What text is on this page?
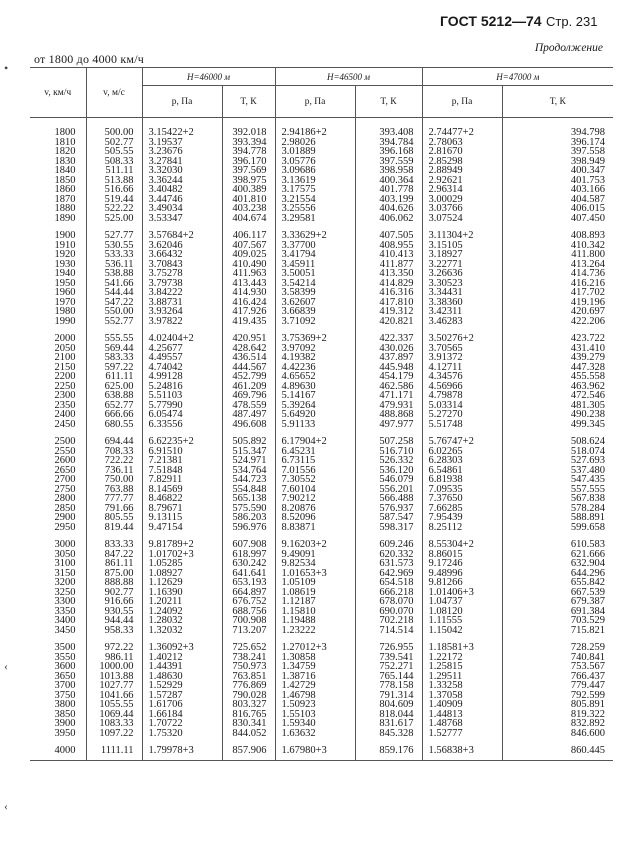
•
‹
‹
ГОСТ 5212—74 Стр. 231
Продолжение
от 1800 до 4000 км/ч
v, км/ч	v, м/с	H=46000 м		H=46500 м		H=47000 м	
		р, Па	T, К	р, Па	T, К	р, Па	T, К

1800	500.00	3.15422+2	392.018	2.94186+2	393.408	2.74477+2	394.798
1810	502.77	3.19537	393.394	2.98026	394.784	2.78063	396.174
1820	505.55	3.23676	394.778	3.01889	396.168	2.81670	397.558
1830	508.33	3.27841	396.170	3.05776	397.559	2.85298	398.949
1840	511.11	3.32030	397.569	3.09686	398.958	2.88949	400.347
1850	513.88	3.36244	398.975	3.13619	400.364	2.92621	401.753
1860	516.66	3.40482	400.389	3.17575	401.778	2.96314	403.166
1870	519.44	3.44746	401.810	3.21554	403.199	3.00029	404.587
1880	522.22	3.49034	403.238	3.25556	404.626	3.03766	406.015
1890	525.00	3.53347	404.674	3.29581	406.062	3.07524	407.450

1900	527.77	3.57684+2	406.117	3.33629+2	407.505	3.11304+2	408.893
1910	530.55	3.62046	407.567	3.37700	408.955	3.15105	410.342
1920	533.33	3.66432	409.025	3.41794	410.413	3.18927	411.800
1930	536.11	3.70843	410.490	3.45911	411.877	3.22771	413.264
1940	538.88	3.75278	411.963	3.50051	413.350	3.26636	414.736
1950	541.66	3.79738	413.443	3.54214	414.829	3.30523	416.216
1960	544.44	3.84222	414.930	3.58399	416.316	3.34431	417.702
1970	547.22	3.88731	416.424	3.62607	417.810	3.38360	419.196
1980	550.00	3.93264	417.926	3.66839	419.312	3.42311	420.697
1990	552.77	3.97822	419.435	3.71092	420.821	3.46283	422.206

2000	555.55	4.02404+2	420.951	3.75369+2	422.337	3.50276+2	423.722
2050	569.44	4.25677	428.642	3.97092	430.026	3.70565	431.410
2100	583.33	4.49557	436.514	4.19382	437.897	3.91372	439.279
2150	597.22	4.74042	444.567	4.42236	445.948	4.12711	447.328
2200	611.11	4.99128	452.799	4.65652	454.179	4.34576	455.558
2250	625.00	5.24816	461.209	4.89630	462.586	4.56966	463.962
2300	638.88	5.51103	469.796	5.14167	471.171	4.79878	472.546
2350	652.77	5.77990	478.559	5.39264	479.931	5.03314	481.305
2400	666.66	6.05474	487.497	5.64920	488.868	5.27270	490.238
2450	680.55	6.33556	496.608	5.91133	497.977	5.51748	499.345

2500	694.44	6.62235+2	505.892	6.17904+2	507.258	5.76747+2	508.624
2550	708.33	6.91510	515.347	6.45231	516.710	6.02265	518.074
2600	722.22	7.21381	524.971	6.73115	526.332	6.28303	527.693
2650	736.11	7.51848	534.764	7.01556	536.120	6.54861	537.480
2700	750.00	7.82911	544.723	7.30552	546.079	6.81938	547.435
2750	763.88	8.14569	554.848	7.60104	556.201	7.09535	557.555
2800	777.77	8.46822	565.138	7.90212	566.488	7.37650	567.838
2850	791.66	8.79671	575.590	8.20876	576.937	7.66285	578.284
2900	805.55	9.13115	586.203	8.52096	587.547	7.95439	588.891
2950	819.44	9.47154	596.976	8.83871	598.317	8.25112	599.658

3000	833.33	9.81789+2	607.908	9.16203+2	609.246	8.55304+2	610.583
3050	847.22	1.01702+3	618.997	9.49091	620.332	8.86015	621.666
3100	861.11	1.05285	630.242	9.82534	631.573	9.17246	632.904
3150	875.00	1.08927	641.641	1.01653+3	642.969	9.48996	644.296
3200	888.88	1.12629	653.193	1.05109	654.518	9.81266	655.842
3250	902.77	1.16390	664.897	1.08619	666.218	1.01406+3	667.539
3300	916.66	1.20211	676.752	1.12187	678.070	1.04737	679.387
3350	930.55	1.24092	688.756	1.15810	690.070	1.08120	691.384
3400	944.44	1.28032	700.908	1.19488	702.218	1.11555	703.529
3450	958.33	1.32032	713.207	1.23222	714.514	1.15042	715.821

3500	972.22	1.36092+3	725.652	1.27012+3	726.955	1.18581+3	728.259
3550	986.11	1.40212	738.241	1.30858	739.541	1.22172	740.841
3600	1000.00	1.44391	750.973	1.34759	752.271	1.25815	753.567
3650	1013.88	1.48630	763.851	1.38716	765.144	1.29511	766.437
3700	1027.77	1.52929	776.869	1.42729	778.158	1.33258	779.447
3750	1041.66	1.57287	790.028	1.46798	791.314	1.37058	792.599
3800	1055.55	1.61706	803.327	1.50923	804.609	1.40909	805.891
3850	1069.44	1.66184	816.765	1.55103	818.044	1.44813	819.322
3900	1083.33	1.70722	830.341	1.59340	831.617	1.48768	832.892
3950	1097.22	1.75320	844.052	1.63632	845.328	1.52777	846.600

4000	1111.11	1.79978+3	857.906	1.67980+3	859.176	1.56838+3	860.445
